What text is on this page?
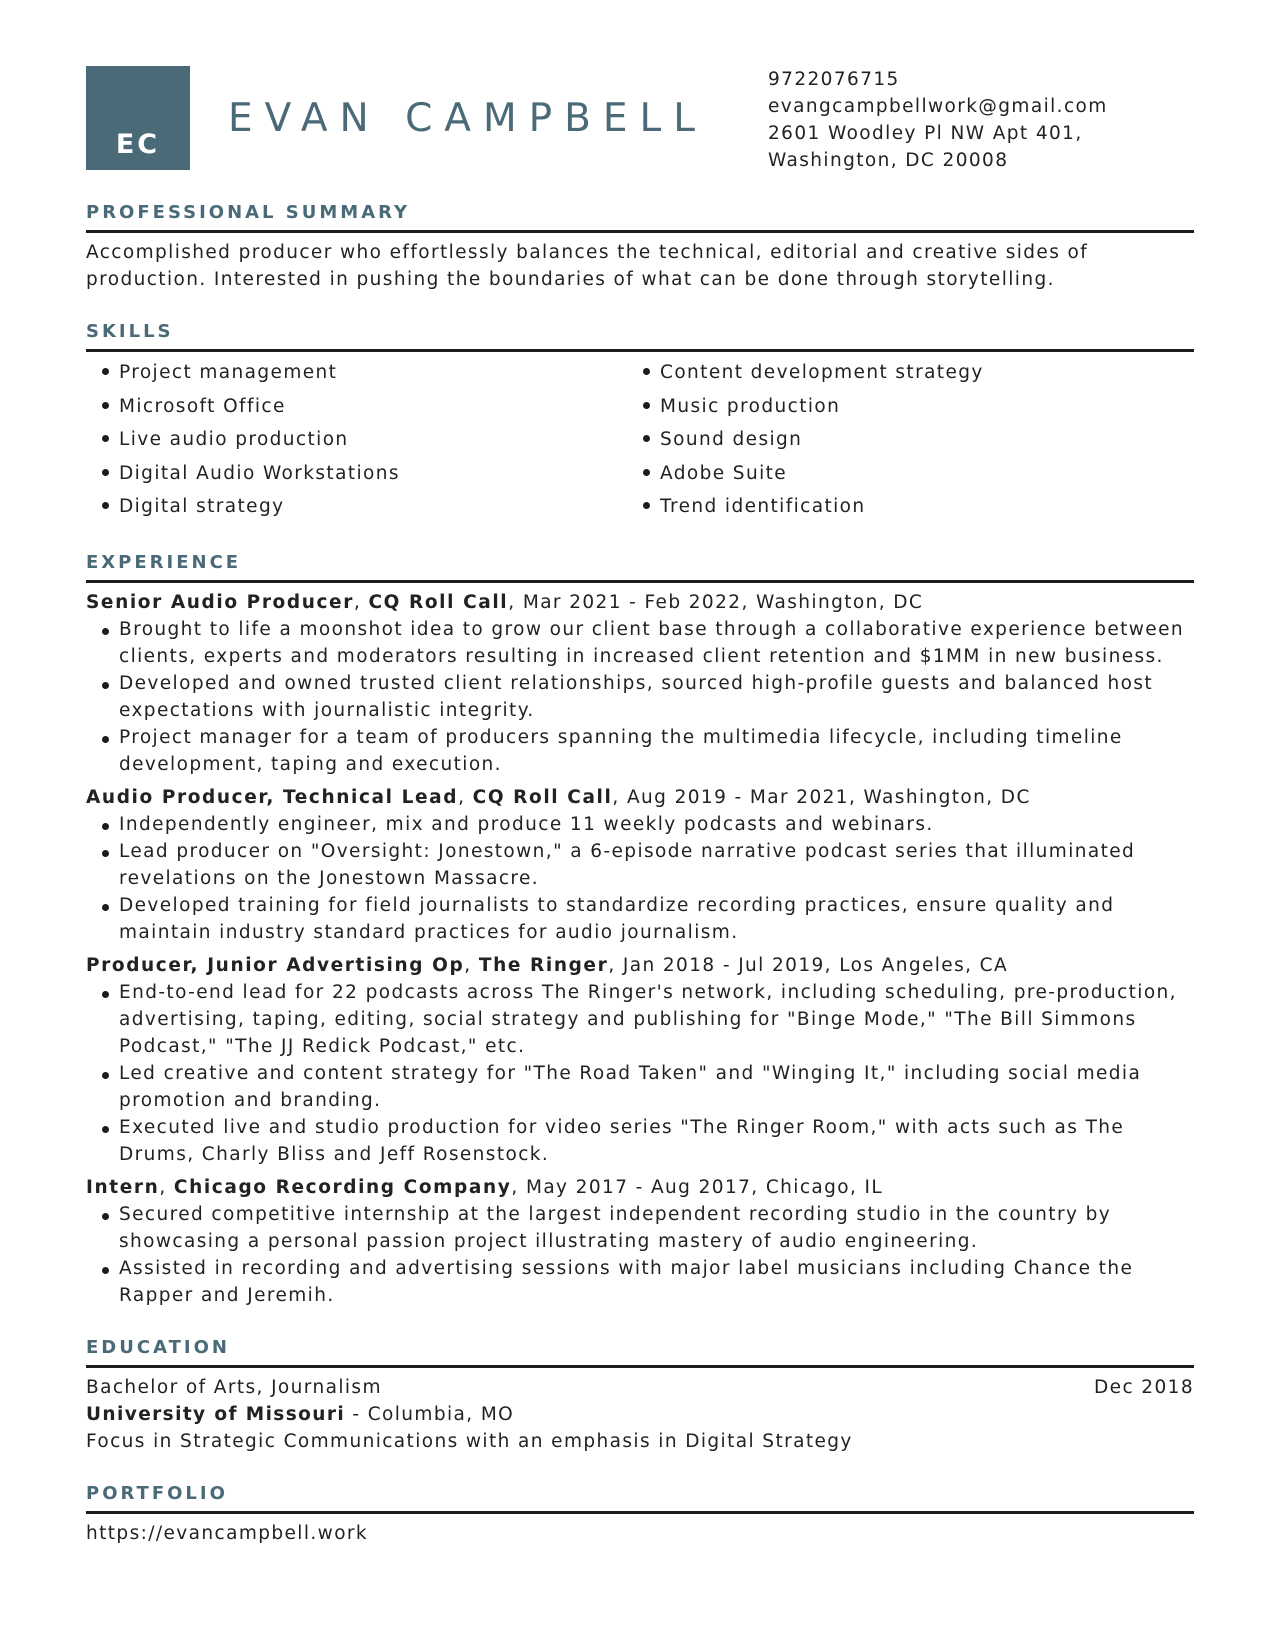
EC
EVAN CAMPBELL
9722076715
evangcampbellwork@gmail.com
2601 Woodley Pl NW Apt 401,
Washington, DC 20008
PROFESSIONAL SUMMARY
Accomplished producer who effortlessly balances the technical, editorial and creative sides of production. Interested in pushing the boundaries of what can be done through storytelling.
SKILLS
Project management
Microsoft Office
Live audio production
Digital Audio Workstations
Digital strategy
Content development strategy
Music production
Sound design
Adobe Suite
Trend identification
EXPERIENCE
Senior Audio Producer, CQ Roll Call, Mar 2021 - Feb 2022, Washington, DC
Brought to life a moonshot idea to grow our client base through a collaborative experience between clients, experts and moderators resulting in increased client retention and $1MM in new business.
Developed and owned trusted client relationships, sourced high-profile guests and balanced host expectations with journalistic integrity.
Project manager for a team of producers spanning the multimedia lifecycle, including timeline development, taping and execution.
Audio Producer, Technical Lead, CQ Roll Call, Aug 2019 - Mar 2021, Washington, DC
Independently engineer, mix and produce 11 weekly podcasts and webinars.
Lead producer on "Oversight: Jonestown," a 6-episode narrative podcast series that illuminated revelations on the Jonestown Massacre.
Developed training for field journalists to standardize recording practices, ensure quality and maintain industry standard practices for audio journalism.
Producer, Junior Advertising Op, The Ringer, Jan 2018 - Jul 2019, Los Angeles, CA
End-to-end lead for 22 podcasts across The Ringer's network, including scheduling, pre-production, advertising, taping, editing, social strategy and publishing for "Binge Mode," "The Bill Simmons Podcast," "The JJ Redick Podcast," etc.
Led creative and content strategy for "The Road Taken" and "Winging It," including social media promotion and branding.
Executed live and studio production for video series "The Ringer Room," with acts such as The Drums, Charly Bliss and Jeff Rosenstock.
Intern, Chicago Recording Company, May 2017 - Aug 2017, Chicago, IL
Secured competitive internship at the largest independent recording studio in the country by showcasing a personal passion project illustrating mastery of audio engineering.
Assisted in recording and advertising sessions with major label musicians including Chance the Rapper and Jeremih.
EDUCATION
Bachelor of Arts, Journalism	Dec 2018
University of Missouri - Columbia, MO
Focus in Strategic Communications with an emphasis in Digital Strategy
PORTFOLIO
https://evancampbell.work
